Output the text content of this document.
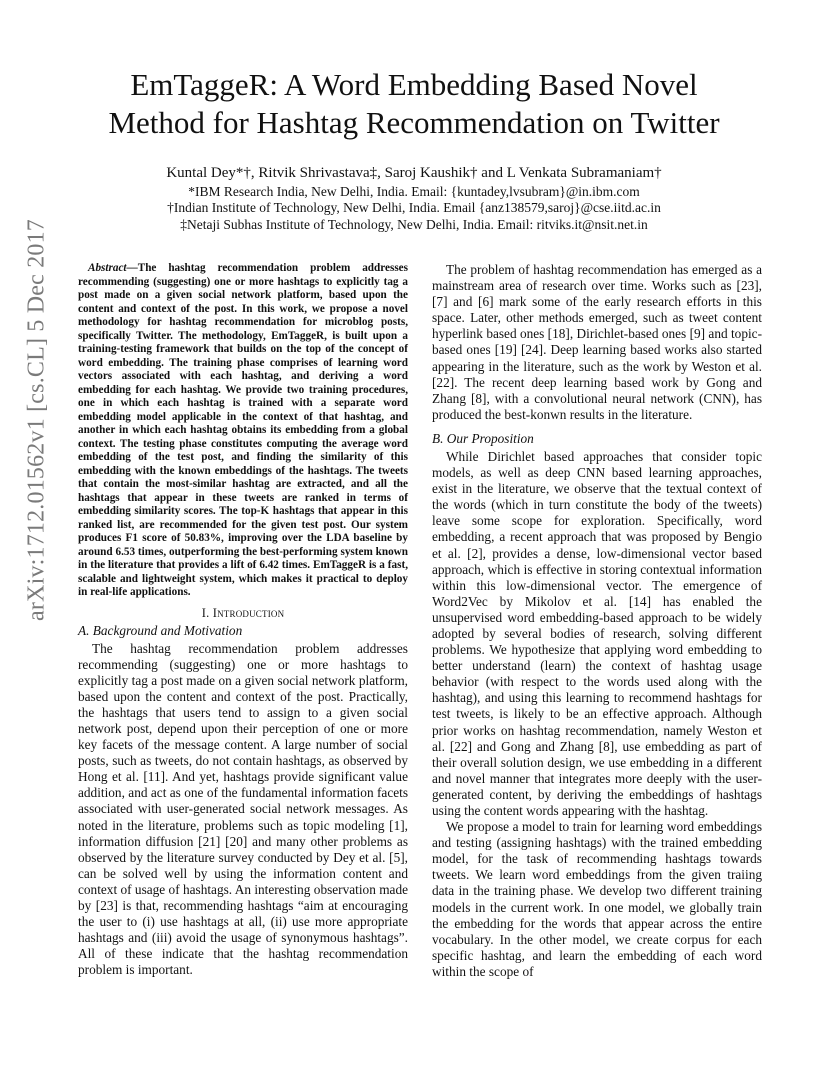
arXiv:1712.01562v1 [cs.CL] 5 Dec 2017
EmTaggeR: A Word Embedding Based Novel
Method for Hashtag Recommendation on Twitter
Kuntal Dey*†, Ritvik Shrivastava‡, Saroj Kaushik† and L Venkata Subramaniam†
*IBM Research India, New Delhi, India. Email: {kuntadey,lvsubram}@in.ibm.com
†Indian Institute of Technology, New Delhi, India. Email {anz138579,saroj}@cse.iitd.ac.in
‡Netaji Subhas Institute of Technology, New Delhi, India. Email: ritviks.it@nsit.net.in

Abstract—The hashtag recommendation problem addresses recommending (suggesting) one or more hashtags to explicitly tag a post made on a given social network platform, based upon the content and context of the post. In this work, we propose a novel methodology for hashtag recommendation for microblog posts, specifically Twitter. The methodology, EmTaggeR, is built upon a training-testing framework that builds on the top of the concept of word embedding. The training phase comprises of learning word vectors associated with each hashtag, and deriving a word embedding for each hashtag. We provide two training procedures, one in which each hashtag is trained with a separate word embedding model applicable in the context of that hashtag, and another in which each hashtag obtains its embedding from a global context. The testing phase constitutes computing the average word embedding of the test post, and finding the similarity of this embedding with the known embeddings of the hashtags. The tweets that contain the most-similar hashtag are extracted, and all the hashtags that appear in these tweets are ranked in terms of embedding similarity scores. The top-K hashtags that appear in this ranked list, are recommended for the given test post. Our system produces F1 score of 50.83%, improving over the LDA baseline by around 6.53 times, outperforming the best-performing system known in the literature that provides a lift of 6.42 times. EmTaggeR is a fast, scalable and lightweight system, which makes it practical to deploy in real-life applications.

I. Introduction
A. Background and Motivation

The hashtag recommendation problem addresses recommending (suggesting) one or more hashtags to explicitly tag a post made on a given social network platform, based upon the content and context of the post. Practically, the hashtags that users tend to assign to a given social network post, depend upon their perception of one or more key facets of the message content. A large number of social posts, such as tweets, do not contain hashtags, as observed by Hong et al. [11]. And yet, hashtags provide significant value addition, and act as one of the fundamental information facets associated with user-generated social network messages. As noted in the literature, problems such as topic modeling [1], information diffusion [21] [20] and many other problems as observed by the literature survey conducted by Dey et al. [5], can be solved well by using the information content and context of usage of hashtags. An interesting observation made by [23] is that, recommending hashtags “aim at encouraging the user to (i) use hashtags at all, (ii) use more appropriate hashtags and (iii) avoid the usage of synonymous hashtags”. All of these indicate that the hashtag recommendation problem is important.

The problem of hashtag recommendation has emerged as a mainstream area of research over time. Works such as [23], [7] and [6] mark some of the early research efforts in this space. Later, other methods emerged, such as tweet content hyperlink based ones [18], Dirichlet-based ones [9] and topic-based ones [19] [24]. Deep learning based works also started appearing in the literature, such as the work by Weston et al. [22]. The recent deep learning based work by Gong and Zhang [8], with a convolutional neural network (CNN), has produced the best-konwn results in the literature.

B. Our Proposition

While Dirichlet based approaches that consider topic models, as well as deep CNN based learning approaches, exist in the literature, we observe that the textual context of the words (which in turn constitute the body of the tweets) leave some scope for exploration. Specifically, word embedding, a recent approach that was proposed by Bengio et al. [2], provides a dense, low-dimensional vector based approach, which is effective in storing contextual information within this low-dimensional vector. The emergence of Word2Vec by Mikolov et al. [14] has enabled the unsupervised word embedding-based approach to be widely adopted by several bodies of research, solving different problems. We hypothesize that applying word embedding to better understand (learn) the context of hashtag usage behavior (with respect to the words used along with the hashtag), and using this learning to recommend hashtags for test tweets, is likely to be an effective approach. Although prior works on hashtag recommendation, namely Weston et al. [22] and Gong and Zhang [8], use embedding as part of their overall solution design, we use embedding in a different and novel manner that integrates more deeply with the user-generated content, by deriving the embeddings of hashtags using the content words appearing with the hashtag.

We propose a model to train for learning word embeddings and testing (assigning hashtags) with the trained embedding model, for the task of recommending hashtags towards tweets. We learn word embeddings from the given traiing data in the training phase. We develop two different training models in the current work. In one model, we globally train the embedding for the words that appear across the entire vocabulary. In the other model, we create corpus for each specific hashtag, and learn the embedding of each word within the scope of
